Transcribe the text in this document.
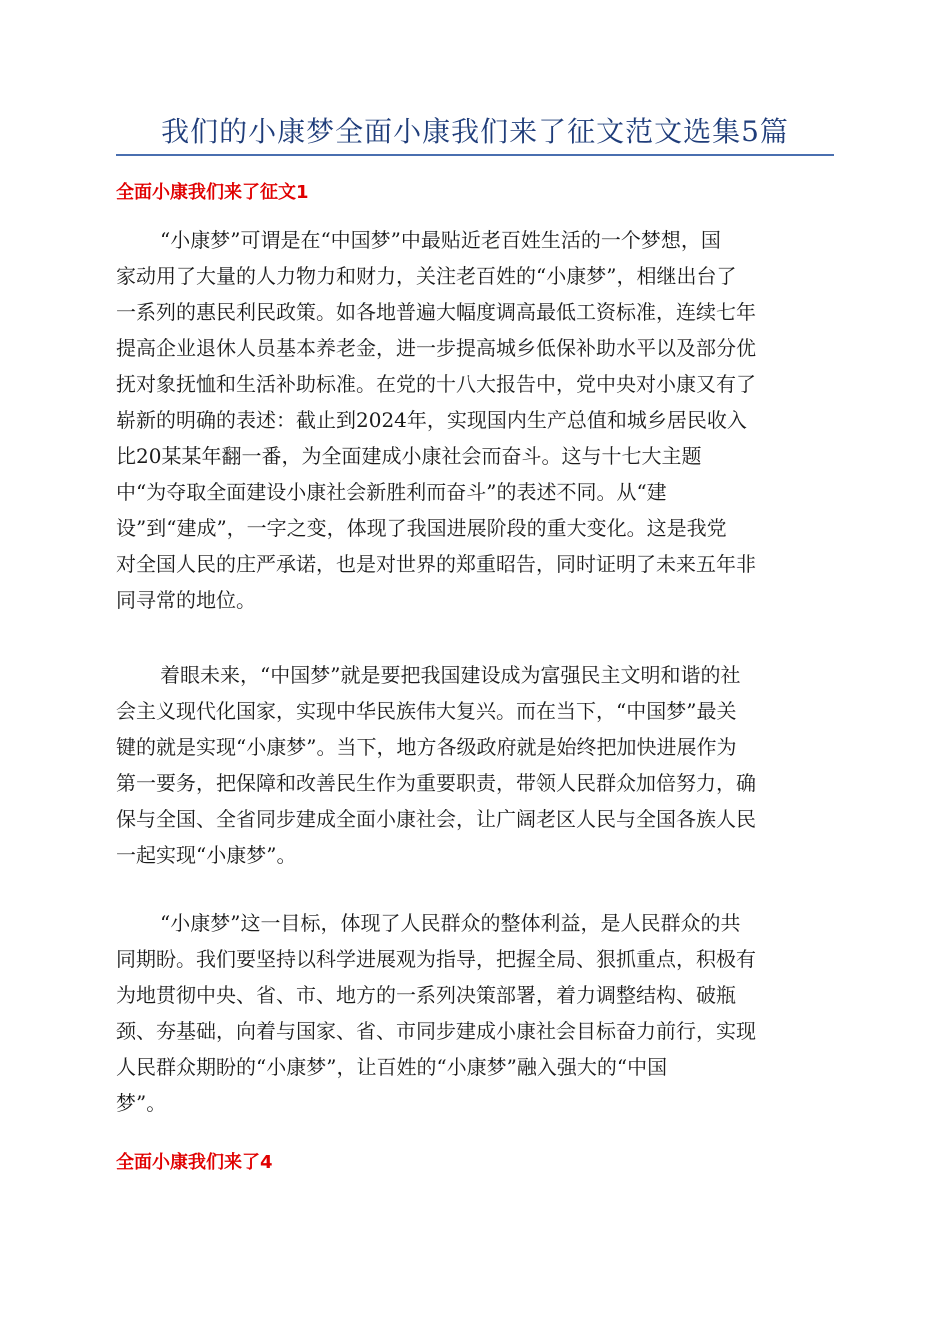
我们的小康梦全面小康我们来了征文范文选集5篇
全面小康我们来了征文1
“小康梦”可谓是在“中国梦”中最贴近老百姓生活的一个梦想，国
家动用了大量的人力物力和财力，关注老百姓的“小康梦”，相继出台了
一系列的惠民利民政策。如各地普遍大幅度调高最低工资标准，连续七年
提高企业退休人员基本养老金，进一步提高城乡低保补助水平以及部分优
抚对象抚恤和生活补助标准。在党的十八大报告中，党中央对小康又有了
崭新的明确的表述：截止到2024年，实现国内生产总值和城乡居民收入
比20某某年翻一番，为全面建成小康社会而奋斗。这与十七大主题
中“为夺取全面建设小康社会新胜利而奋斗”的表述不同。从“建
设”到“建成”，一字之变，体现了我国进展阶段的重大变化。这是我党
对全国人民的庄严承诺，也是对世界的郑重昭告，同时证明了未来五年非
同寻常的地位。
着眼未来，“中国梦”就是要把我国建设成为富强民主文明和谐的社
会主义现代化国家，实现中华民族伟大复兴。而在当下，“中国梦”最关
键的就是实现“小康梦”。当下，地方各级政府就是始终把加快进展作为
第一要务，把保障和改善民生作为重要职责，带领人民群众加倍努力，确
保与全国、全省同步建成全面小康社会，让广阔老区人民与全国各族人民
一起实现“小康梦”。
“小康梦”这一目标，体现了人民群众的整体利益，是人民群众的共
同期盼。我们要坚持以科学进展观为指导，把握全局、狠抓重点，积极有
为地贯彻中央、省、市、地方的一系列决策部署，着力调整结构、破瓶
颈、夯基础，向着与国家、省、市同步建成小康社会目标奋力前行，实现
人民群众期盼的“小康梦”，让百姓的“小康梦”融入强大的“中国
梦”。
全面小康我们来了4
